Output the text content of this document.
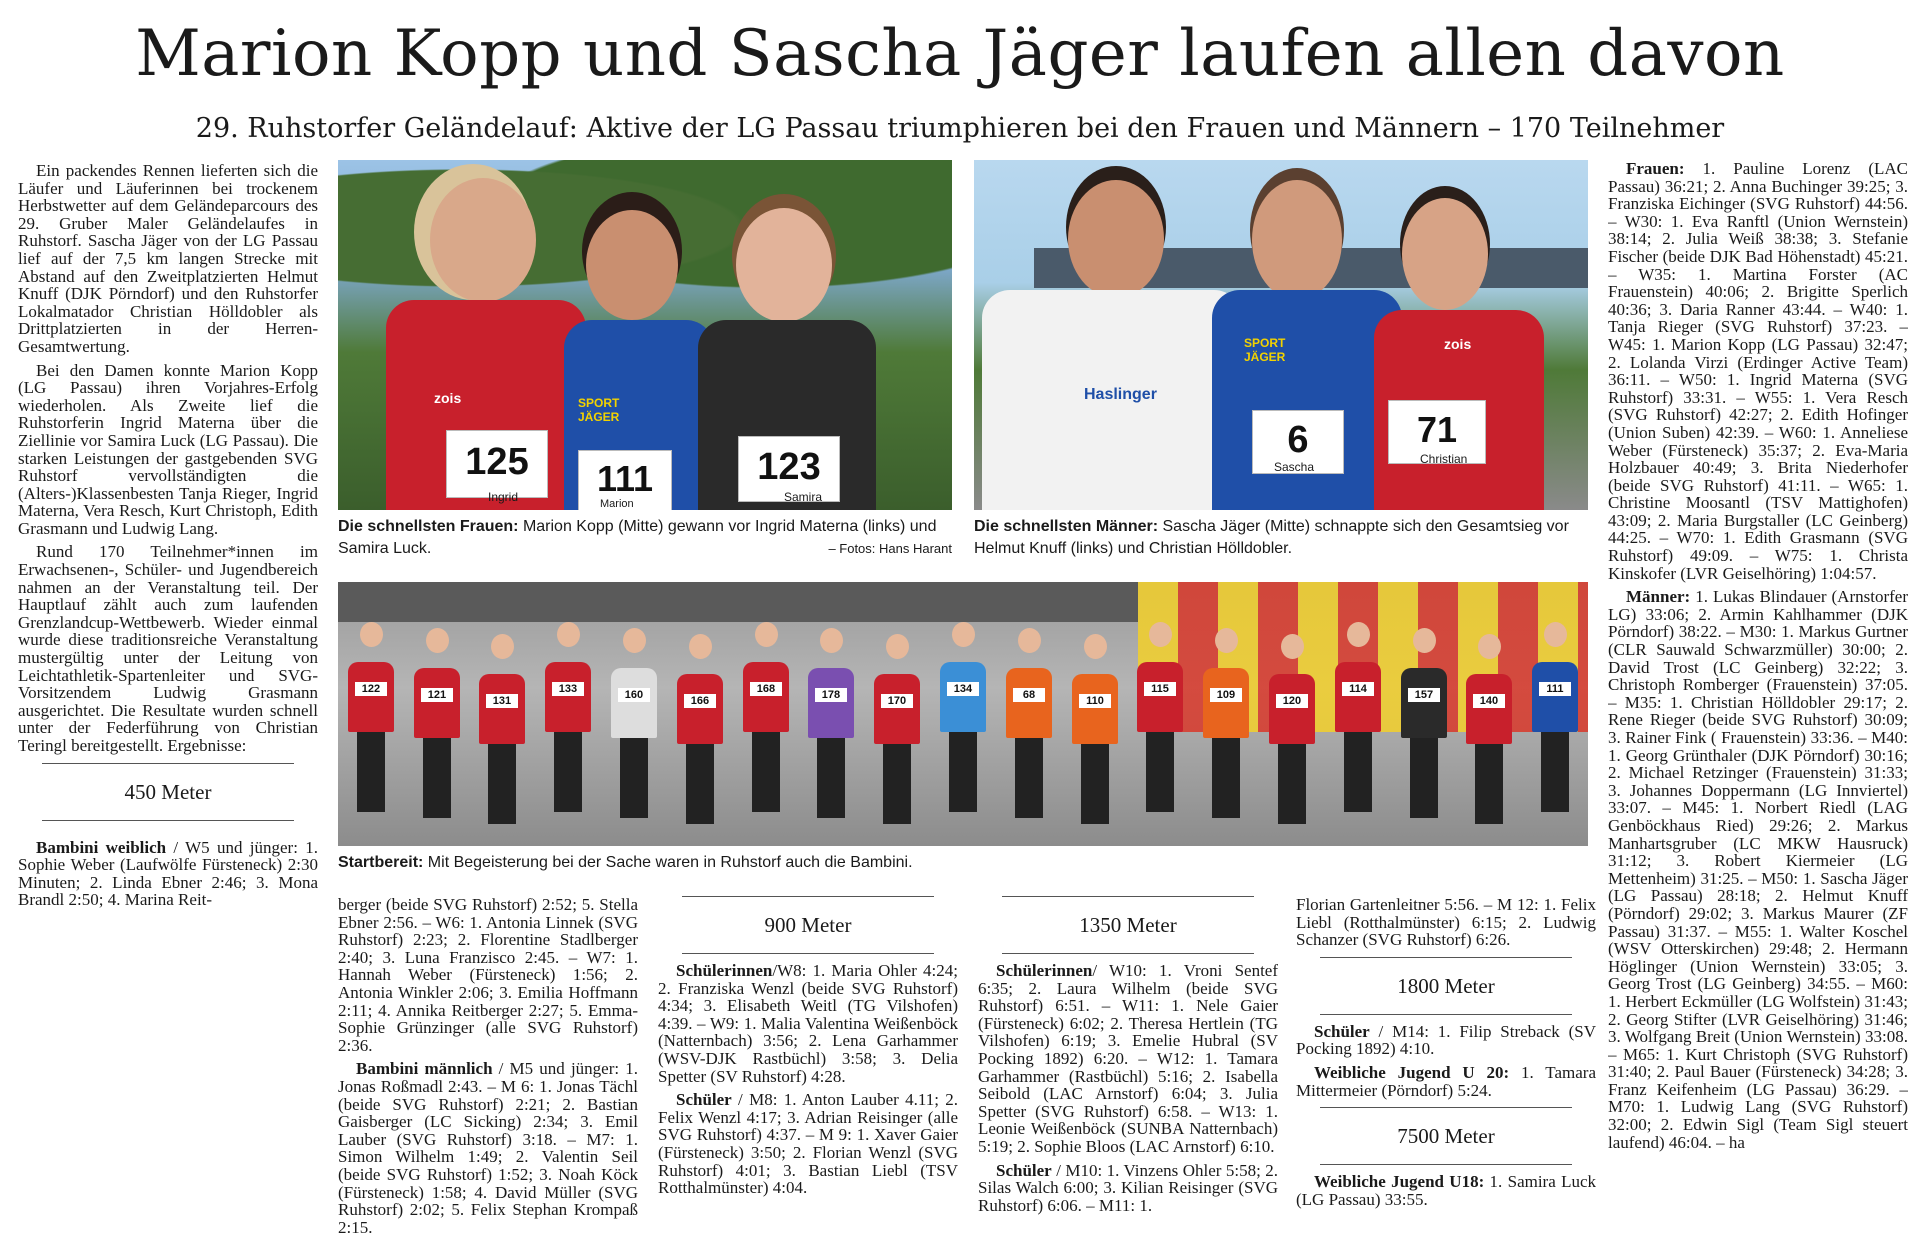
Marion Kopp und Sascha Jäger laufen allen davon
29. Ruhstorfer Geländelauf: Aktive der LG Passau triumphieren bei den Frauen und Männern – 170 Teilnehmer

Ein packendes Rennen lieferten sich die Läufer und Läuferinnen bei trockenem Herbstwetter auf dem Geländeparcours des 29. Gruber Maler Geländelaufes in Ruhstorf. Sascha Jäger von der LG Passau lief auf der 7,5 km langen Strecke mit Abstand auf den Zweitplatzierten Helmut Knuff (DJK Pörndorf) und den Ruhstorfer Lokalmatador Christian Hölldobler als Drittplatzierten in der Herren-Gesamtwertung.

Bei den Damen konnte Marion Kopp (LG Passau) ihren Vorjahres-Erfolg wiederholen. Als Zweite lief die Ruhstorferin Ingrid Materna über die Ziellinie vor Samira Luck (LG Passau). Die starken Leistungen der gastgebenden SVG Ruhstorf vervollständigten die (Alters-)Klassenbesten Tanja Rieger, Ingrid Materna, Vera Resch, Kurt Christoph, Edith Grasmann und Ludwig Lang.

Rund 170 Teilnehmer*innen im Erwachsenen-, Schüler- und Jugendbereich nahmen an der Veranstaltung teil. Der Hauptlauf zählt auch zum laufenden Grenzlandcup-Wettbewerb. Wieder einmal wurde diese traditionsreiche Veranstaltung mustergültig unter der Leitung von Leichtathletik-Spartenleiter und SVG-Vorsitzendem Ludwig Grasmann ausgerichtet. Die Resultate wurden schnell unter der Federführung von Christian Teringl bereitgestellt. Ergebnisse:

450 Meter

Bambini weiblich / W5 und jünger: 1. Sophie Weber (Laufwölfe Fürsteneck) 2:30 Minuten; 2. Linda Ebner 2:46; 3. Mona Brandl 2:50; 4. Marina Reit-

125
Ingrid
zois	SPORT JÄGER
111
Marion
123
Samira
Die schnellsten Frauen: Marion Kopp (Mitte) gewann vor Ingrid Materna (links) und Samira Luck.	– Fotos: Hans Harant
Haslinger
SPORT JÄGER
6
Sascha
zois
71
Christian
Die schnellsten Männer: Sascha Jäger (Mitte) schnappte sich den Gesamtsieg vor Helmut Knuff (links) und Christian Hölldobler.
122	121	131
133	160	166
168	178	170
134	68	110
115	109	120
114	157	140
111
Startbereit: Mit Begeisterung bei der Sache waren in Ruhstorf auch die Bambini.

berger (beide SVG Ruhstorf) 2:52; 5. Stella Ebner 2:56. – W6: 1. Antonia Linnek (SVG Ruhstorf) 2:23; 2. Florentine Stadlberger 2:40; 3. Luna Franzisco 2:45. – W7: 1. Hannah Weber (Fürsteneck) 1:56; 2. Antonia Winkler 2:06; 3. Emilia Hoffmann 2:11; 4. Annika Reitberger 2:27; 5. Emma-Sophie Grünzinger (alle SVG Ruhstorf) 2:36.

Bambini männlich / M5 und jünger: 1. Jonas Roßmadl 2:43. – M 6: 1. Jonas Tächl (beide SVG Ruhstorf) 2:21; 2. Bastian Gaisberger (LC Sicking) 2:34; 3. Emil Lauber (SVG Ruhstorf) 3:18. – M7: 1. Simon Wilhelm 1:49; 2. Valentin Seil (beide SVG Ruhstorf) 1:52; 3. Noah Köck (Fürsteneck) 1:58; 4. David Müller (SVG Ruhstorf) 2:02; 5. Felix Stephan Krompaß 2:15.

900 Meter

Schülerinnen/W8: 1. Maria Ohler 4:24; 2. Franziska Wenzl (beide SVG Ruhstorf) 4:34; 3. Elisabeth Weitl (TG Vilshofen) 4:39. – W9: 1. Malia Valentina Weißenböck (Natternbach) 3:56; 2. Lena Garhammer (WSV-DJK Rastbüchl) 3:58; 3. Delia Spetter (SV Ruhstorf) 4:28.

Schüler / M8: 1. Anton Lauber 4.11; 2. Felix Wenzl 4:17; 3. Adrian Reisinger (alle SVG Ruhstorf) 4:37. – M 9: 1. Xaver Gaier (Fürsteneck) 3:50; 2. Florian Wenzl (SVG Ruhstorf) 4:01; 3. Bastian Liebl (TSV Rotthalmünster) 4:04.

1350 Meter

Schülerinnen/ W10: 1. Vroni Sentef 6:35; 2. Laura Wilhelm (beide SVG Ruhstorf) 6:51. – W11: 1. Nele Gaier (Fürsteneck) 6:02; 2. Theresa Hertlein (TG Vilshofen) 6:19; 3. Emelie Hubral (SV Pocking 1892) 6:20. – W12: 1. Tamara Garhammer (Rastbüchl) 5:16; 2. Isabella Seibold (LAC Arnstorf) 6:04; 3. Julia Spetter (SVG Ruhstorf) 6:58. – W13: 1. Leonie Weißenböck (SUNBA Natternbach) 5:19; 2. Sophie Bloos (LAC Arnstorf) 6:10.

Schüler / M10: 1. Vinzens Ohler 5:58; 2. Silas Walch 6:00; 3. Kilian Reisinger (SVG Ruhstorf) 6:06. – M11: 1.

Florian Gartenleitner 5:56. – M 12: 1. Felix Liebl (Rotthalmünster) 6:15; 2. Ludwig Schanzer (SVG Ruhstorf) 6:26.

1800 Meter

Schüler / M14: 1. Filip Streback (SV Pocking 1892) 4:10.

Weibliche Jugend U 20: 1. Tamara Mittermeier (Pörndorf) 5:24.

7500 Meter

Weibliche Jugend U18: 1. Samira Luck (LG Passau) 33:55.

Frauen: 1. Pauline Lorenz (LAC Passau) 36:21; 2. Anna Buchinger 39:25; 3. Franziska Eichinger (SVG Ruhstorf) 44:56. – W30: 1. Eva Ranftl (Union Wernstein) 38:14; 2. Julia Weiß 38:38; 3. Stefanie Fischer (beide DJK Bad Höhenstadt) 45:21. – W35: 1. Martina Forster (AC Frauenstein) 40:06; 2. Brigitte Sperlich 40:36; 3. Daria Ranner 43:44. – W40: 1. Tanja Rieger (SVG Ruhstorf) 37:23. – W45: 1. Marion Kopp (LG Passau) 32:47; 2. Lolanda Virzi (Erdinger Active Team) 36:11. – W50: 1. Ingrid Materna (SVG Ruhstorf) 33:31. – W55: 1. Vera Resch (SVG Ruhstorf) 42:27; 2. Edith Hofinger (Union Suben) 42:39. – W60: 1. Anneliese Weber (Fürsteneck) 35:37; 2. Eva-Maria Holzbauer 40:49; 3. Brita Niederhofer (beide SVG Ruhstorf) 41:11. – W65: 1. Christine Moosantl (TSV Mattighofen) 43:09; 2. Maria Burgstaller (LC Geinberg) 44:25. – W70: 1. Edith Grasmann (SVG Ruhstorf) 49:09. – W75: 1. Christa Kinskofer (LVR Geiselhöring) 1:04:57.

Männer: 1. Lukas Blindauer (Arnstorfer LG) 33:06; 2. Armin Kahlhammer (DJK Pörndorf) 38:22. – M30: 1. Markus Gurtner (CLR Sauwald Schwarzmüller) 30:00; 2. David Trost (LC Geinberg) 32:22; 3. Christoph Romberger (Frauenstein) 37:05. – M35: 1. Christian Hölldobler 29:17; 2. Rene Rieger (beide SVG Ruhstorf) 30:09; 3. Rainer Fink ( Frauenstein) 33:36. – M40: 1. Georg Grünthaler (DJK Pörndorf) 30:16; 2. Michael Retzinger (Frauenstein) 31:33; 3. Johannes Doppermann (LG Innviertel) 33:07. – M45: 1. Norbert Riedl (LAG Genböckhaus Ried) 29:26; 2. Markus Manhartsgruber (LC MKW Hausruck) 31:12; 3. Robert Kiermeier (LG Mettenheim) 31:25. – M50: 1. Sascha Jäger (LG Passau) 28:18; 2. Helmut Knuff (Pörndorf) 29:02; 3. Markus Maurer (ZF Passau) 31:37. – M55: 1. Walter Koschel (WSV Otterskirchen) 29:48; 2. Hermann Höglinger (Union Wernstein) 33:05; 3. Georg Trost (LG Geinberg) 34:55. – M60: 1. Herbert Eckmüller (LG Wolfstein) 31:43; 2. Georg Stifter (LVR Geiselhöring) 31:46; 3. Wolfgang Breit (Union Wernstein) 33:08. – M65: 1. Kurt Christoph (SVG Ruhstorf) 31:40; 2. Paul Bauer (Fürsteneck) 34:28; 3. Franz Keifenheim (LG Passau) 36:29. – M70: 1. Ludwig Lang (SVG Ruhstorf) 32:00; 2. Edwin Sigl (Team Sigl steuert laufend) 46:04. – ha
